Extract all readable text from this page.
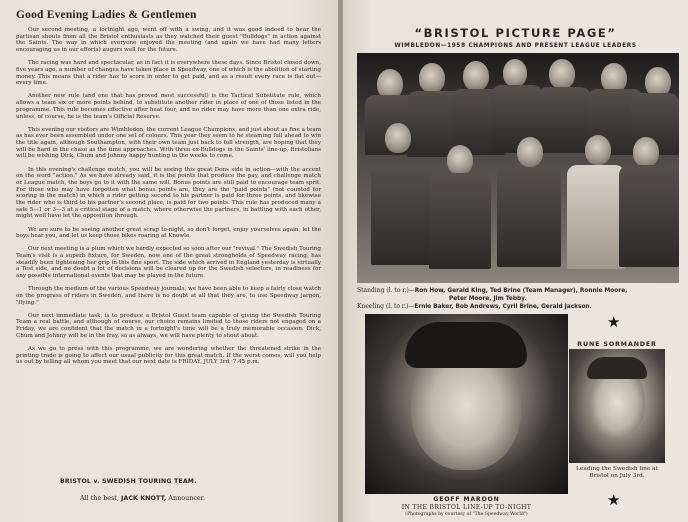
Good Evening Ladies & Gentlemen

Our second meeting, a fortnight ago, went off with a swing, and it was good indeed to hear the partisan shouts from all the Bristol enthusiasts as they watched their guest "Bulldogs" in action against the Saints. The way in which everyone enjoyed the meeting (and again we have had many letters encouraging us in our efforts) augurs well for the future.

The racing was hard and spectacular, as in fact it is everywhere these days. Since Bristol closed down, five years ago, a number of changes have taken place in Speedway, one of which is the abolition of starting money. This means that a rider has to score in order to get paid, and as a result every race is flat out—every time.

Another new rule (and one that has proved most successful) is the Tactical Substitute rule, which allows a team six or more points behind, to substitute another rider in place of one of those listed in the programme. This rule becomes effective after heat four, and no rider may have more than one extra ride, unless, of course, he is the team's Official Reserve.

This evening our visitors are Wimbledon, the current League Champions, and just about as fine a team as has ever been assembled under one set of colours. This year they seem to be steaming full ahead to win the title again, although Southampton, with their own team just back to full strength, are hoping that they will be hard in the chase as the time approaches. With three ex-Bulldogs in the Saints' line-up, Bristolians will be wishing Dick, Chum and Johnny happy hunting in the weeks to come.

In this evening's challenge match, you will be seeing this great Dons side in action—with the accent on the word "action." As we have already said, it is the points that produce the pay, and challenge match or League match, the boys go to it with the same will. Bonus points are still paid to encourage team sprit. For those who may have forgotten what bonus points are, they are the "paid points" (not counted for scoring in the match) in which a rider getting second to his partner is paid for three points, and likewise the rider who is third to his partner's second place, is paid for two points. This rule has produced many a safe 5—1 or 3—3 at a critical stage of a match, where otherwise the partners, in battling with each other, might well have let the opposition through.

We are sure to be seeing another great scrap to-night, so don't forget, enjoy yourselves again, let the boys hear you, and let us keep those bikes roaring at Knowle.

Our next meeting is a plum which we hardly expected so soon after our "revival." The Swedish Touring Team's visit is a superb fixture, for Sweden, now one of the great strongholds of Speedway racing, has steadily been tightening her grip in this fine sport. The side which arrived in England yesterday is virtually a Test side, and no doubt a lot of decisions will be cleared up for the Swedish selectors, in readiness for any possible international events that may be played in the future.

Through the medium of the various Speedway journals, we have been able to keep a fairly close watch on the progress of riders in Sweden, and there is no doubt at all that they are, to use Speedway jargon, "flying."

Our next immediate task, is to produce a Bristol Guest team capable of giving the Swedish Touring Team a real battle, and although of course, our choice remains limited to those riders not engaged on a Friday, we are confident that the match in a fortnight's time will be a truly memorable occasion. Dick, Chum and Johnny will be in the fray, so as always, we will have plenty to shout about.

As we go to press with this programme, we are wondering whether the threatened strike in the printing trade is going to affect our usual publicity for this great match. If the worst comes, will you help us out by telling all whom you meet that our next date is FRIDAY, JULY 3rd, 7.45 p.m.

BRISTOL v. SWEDISH TOURING TEAM.
All the best, JACK KNOTT, Announcer.
“BRISTOL PICTURE PAGE”
WIMBLEDON—1958 CHAMPIONS AND PRESENT LEAGUE LEADERS
Standing (l. to r.)—Ron How, Gerald King, Ted Brine (Team Manager), Ronnie Moore,
Peter Moore, Jim Tebby.
Kneeling (l. to r.)—Ernie Baker, Bob Andrews, Cyril Brine, Gerald Jackson.
★
RUNE SORMANDER
Leading the Swedish line at Bristol on July 3rd.
★
GEOFF MAROON
IN THE BRISTOL LINE-UP TO-NIGHT
(Photographs by courtesy of "The Speedway World")
